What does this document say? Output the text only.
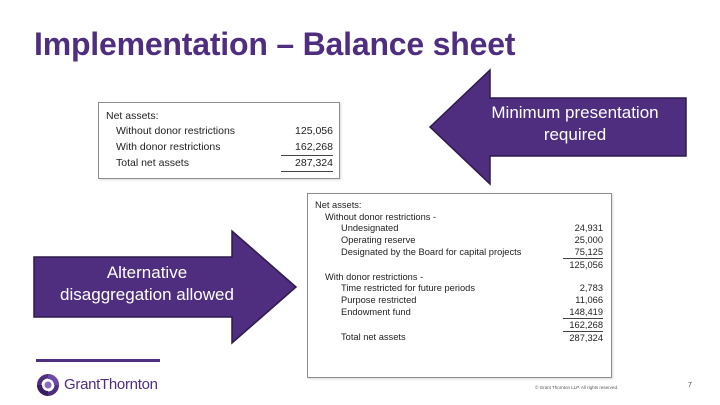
Implementation – Balance sheet
Net assets:	
Without donor restrictions	125,056
With donor restrictions	162,268
Total net assets	287,324
Net assets:	
Without donor restrictions -	
Undesignated	24,931
Operating reserve	25,000
Designated by the Board for capital projects	75,125
	125,056
With donor restrictions -	
Time restricted for future periods	2,783
Purpose restricted	11,066
Endowment fund	148,419
	162,268
Total net assets	287,324
Minimum presentation
required
Alternative
disaggregation allowed
GrantThornton	© Grant Thornton LLP. All rights reserved.	7
